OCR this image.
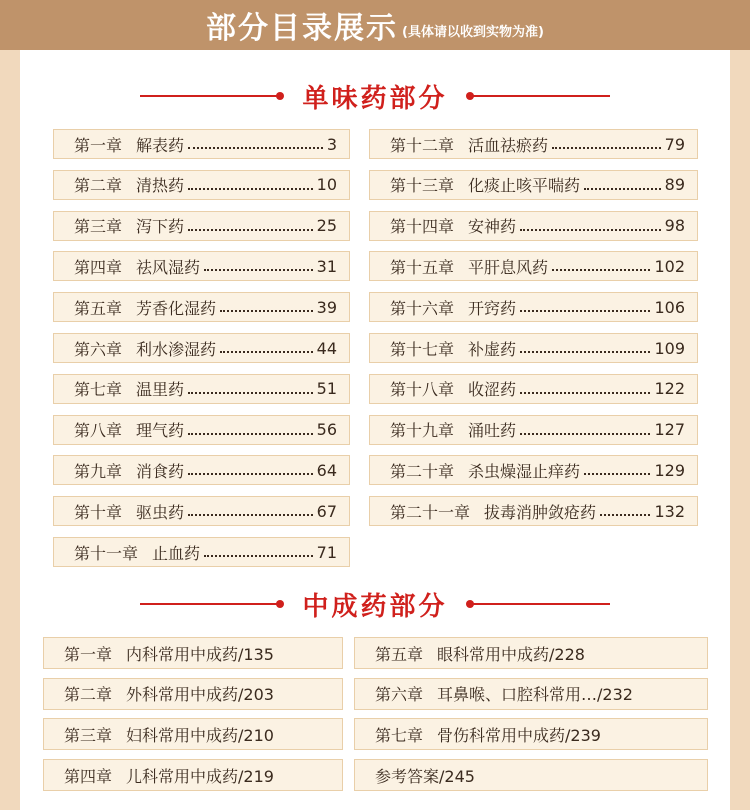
部分目录展示 (具体请以收到实物为准)
单味药部分
第一章 解表药	3
第二章 清热药	10
第三章 泻下药	25
第四章 祛风湿药	31
第五章 芳香化湿药	39
第六章 利水渗湿药	44
第七章 温里药	51
第八章 理气药	56
第九章 消食药	64
第十章 驱虫药	67
第十一章 止血药	71
第十二章 活血祛瘀药	79
第十三章 化痰止咳平喘药	89
第十四章 安神药	98
第十五章 平肝息风药	102
第十六章 开窍药	106
第十七章 补虚药	109
第十八章 收涩药	122
第十九章 涌吐药	127
第二十章 杀虫燥湿止痒药	129
第二十一章 拔毒消肿敛疮药	132
中成药部分
第一章 内科常用中成药/135
第二章 外科常用中成药/203
第三章 妇科常用中成药/210
第四章 儿科常用中成药/219
第五章 眼科常用中成药/228
第六章 耳鼻喉、口腔科常用…/232
第七章 骨伤科常用中成药/239
参考答案/245
